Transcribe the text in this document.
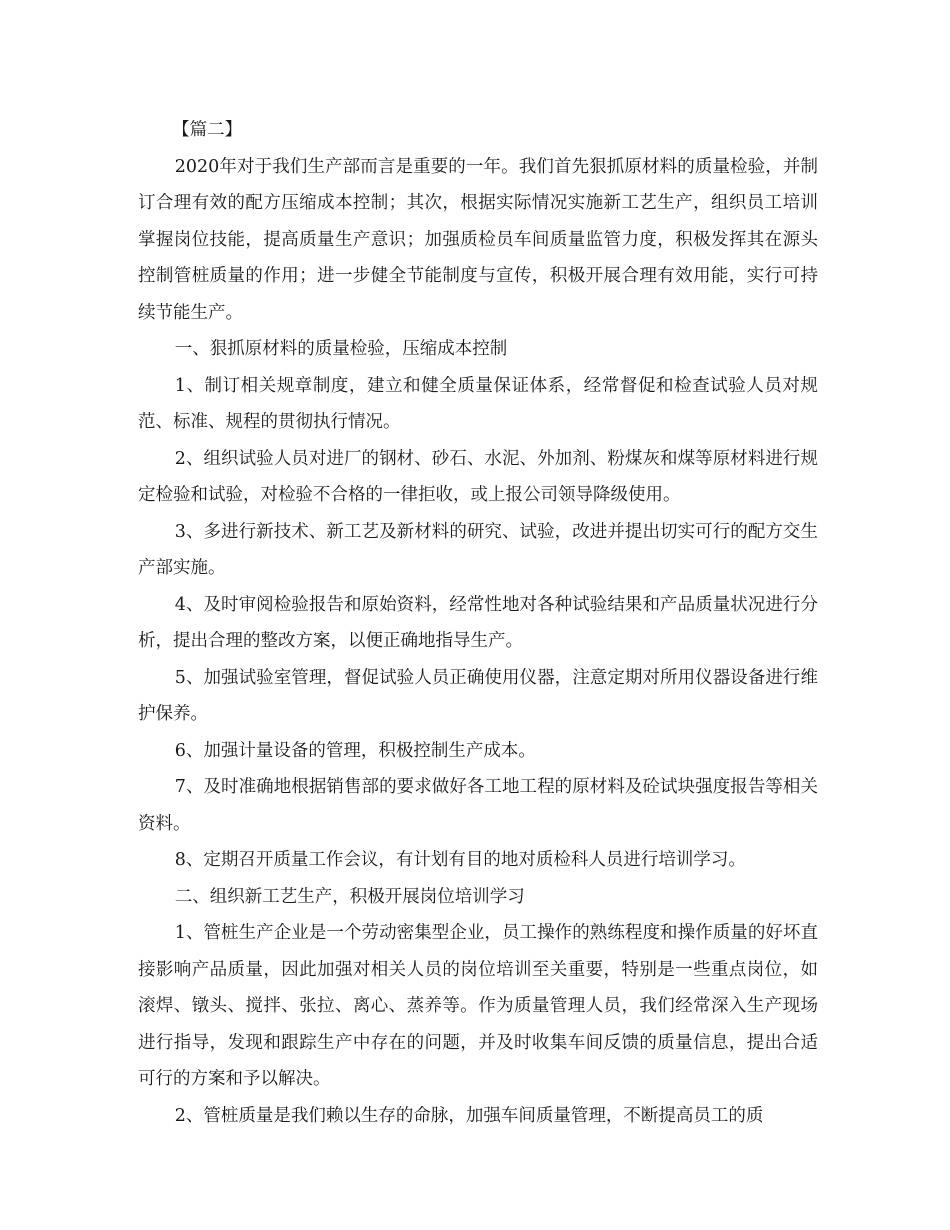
【篇二】

2020年对于我们生产部而言是重要的一年。我们首先狠抓原材料的质量检验，并制订合理有效的配方压缩成本控制；其次，根据实际情况实施新工艺生产，组织员工培训掌握岗位技能，提高质量生产意识；加强质检员车间质量监管力度，积极发挥其在源头控制管桩质量的作用；进一步健全节能制度与宣传，积极开展合理有效用能，实行可持续节能生产。

一、狠抓原材料的质量检验，压缩成本控制

1、制订相关规章制度，建立和健全质量保证体系，经常督促和检查试验人员对规范、标准、规程的贯彻执行情况。

2、组织试验人员对进厂的钢材、砂石、水泥、外加剂、粉煤灰和煤等原材料进行规定检验和试验，对检验不合格的一律拒收，或上报公司领导降级使用。

3、多进行新技术、新工艺及新材料的研究、试验，改进并提出切实可行的配方交生产部实施。

4、及时审阅检验报告和原始资料，经常性地对各种试验结果和产品质量状况进行分析，提出合理的整改方案，以便正确地指导生产。

5、加强试验室管理，督促试验人员正确使用仪器，注意定期对所用仪器设备进行维护保养。

6、加强计量设备的管理，积极控制生产成本。

7、及时准确地根据销售部的要求做好各工地工程的原材料及砼试块强度报告等相关资料。

8、定期召开质量工作会议，有计划有目的地对质检科人员进行培训学习。

二、组织新工艺生产，积极开展岗位培训学习

1、管桩生产企业是一个劳动密集型企业，员工操作的熟练程度和操作质量的好坏直接影响产品质量，因此加强对相关人员的岗位培训至关重要，特别是一些重点岗位，如滚焊、镦头、搅拌、张拉、离心、蒸养等。作为质量管理人员，我们经常深入生产现场进行指导，发现和跟踪生产中存在的问题，并及时收集车间反馈的质量信息，提出合适可行的方案和予以解决。

2、管桩质量是我们赖以生存的命脉，加强车间质量管理，不断提高员工的质
